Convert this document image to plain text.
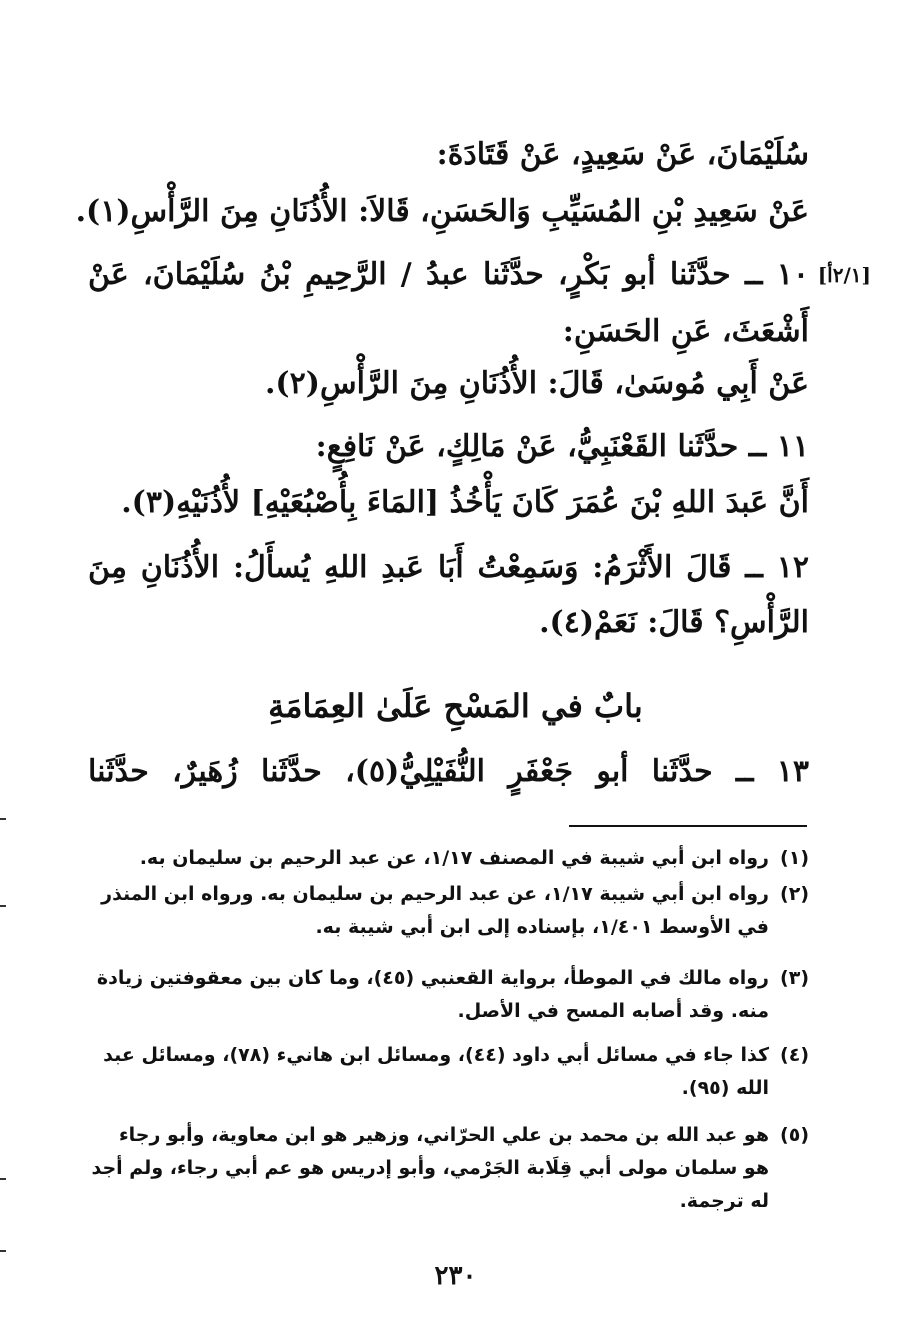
[٢/١أ]
سُلَيْمَانَ، عَنْ سَعِيدٍ، عَنْ قَتَادَةَ:
عَنْ سَعِيدِ بْنِ المُسَيِّبِ وَالحَسَنِ، قَالاَ: الأُذُنَانِ مِنَ الرَّأْسِ(١).
١٠ ــ حدَّثَنا أبو بَكْرٍ، حدَّثَنا عبدُ / الرَّحِيمِ بْنُ سُلَيْمَانَ، عَنْ
أَشْعَثَ، عَنِ الحَسَنِ:
عَنْ أَبِي مُوسَىٰ، قَالَ: الأُذُنَانِ مِنَ الرَّأْسِ(٢).
١١ ــ حدَّثَنا القَعْنَبِيُّ، عَنْ مَالِكٍ، عَنْ نَافِعٍ:
أَنَّ عَبدَ اللهِ بْنَ عُمَرَ كَانَ يَأْخُذُ [المَاءَ بِأُصْبُعَيْهِ] لأُذُنَيْهِ(٣).
١٢ ــ قَالَ الأَثْرَمُ: وَسَمِعْتُ أَبَا عَبدِ اللهِ يُسأَلُ: الأُذُنَانِ مِنَ
الرَّأْسِ؟ قَالَ: نَعَمْ(٤).
بابٌ في المَسْحِ عَلَىٰ العِمَامَةِ
١٣ ــ حدَّثَنا أبو جَعْفَرٍ النُّفَيْلِيُّ(٥)، حدَّثَنا زُهَيرٌ، حدَّثَنا
(١)
رواه ابن أبي شيبة في المصنف ١/١٧، عن عبد الرحيم بن سليمان به.
(٢)
رواه ابن أبي شيبة ١/١٧، عن عبد الرحيم بن سليمان به. ورواه ابن المنذر في الأوسط ١/٤٠١، بإسناده إلى ابن أبي شيبة به.
(٣)
رواه مالك في الموطأ، برواية القعنبي (٤٥)، وما كان بين معقوفتين زيادة منه. وقد أصابه المسح في الأصل.
(٤)
كذا جاء في مسائل أبي داود (٤٤)، ومسائل ابن هانيء (٧٨)، ومسائل عبد الله (٩٥).
(٥)
هو عبد الله بن محمد بن علي الحرّاني، وزهير هو ابن معاوية، وأبو رجاء هو سلمان مولى أبي قِلَابة الجَرْمي، وأبو إدريس هو عم أبي رجاء، ولم أجد له ترجمة.
٢٣٠
